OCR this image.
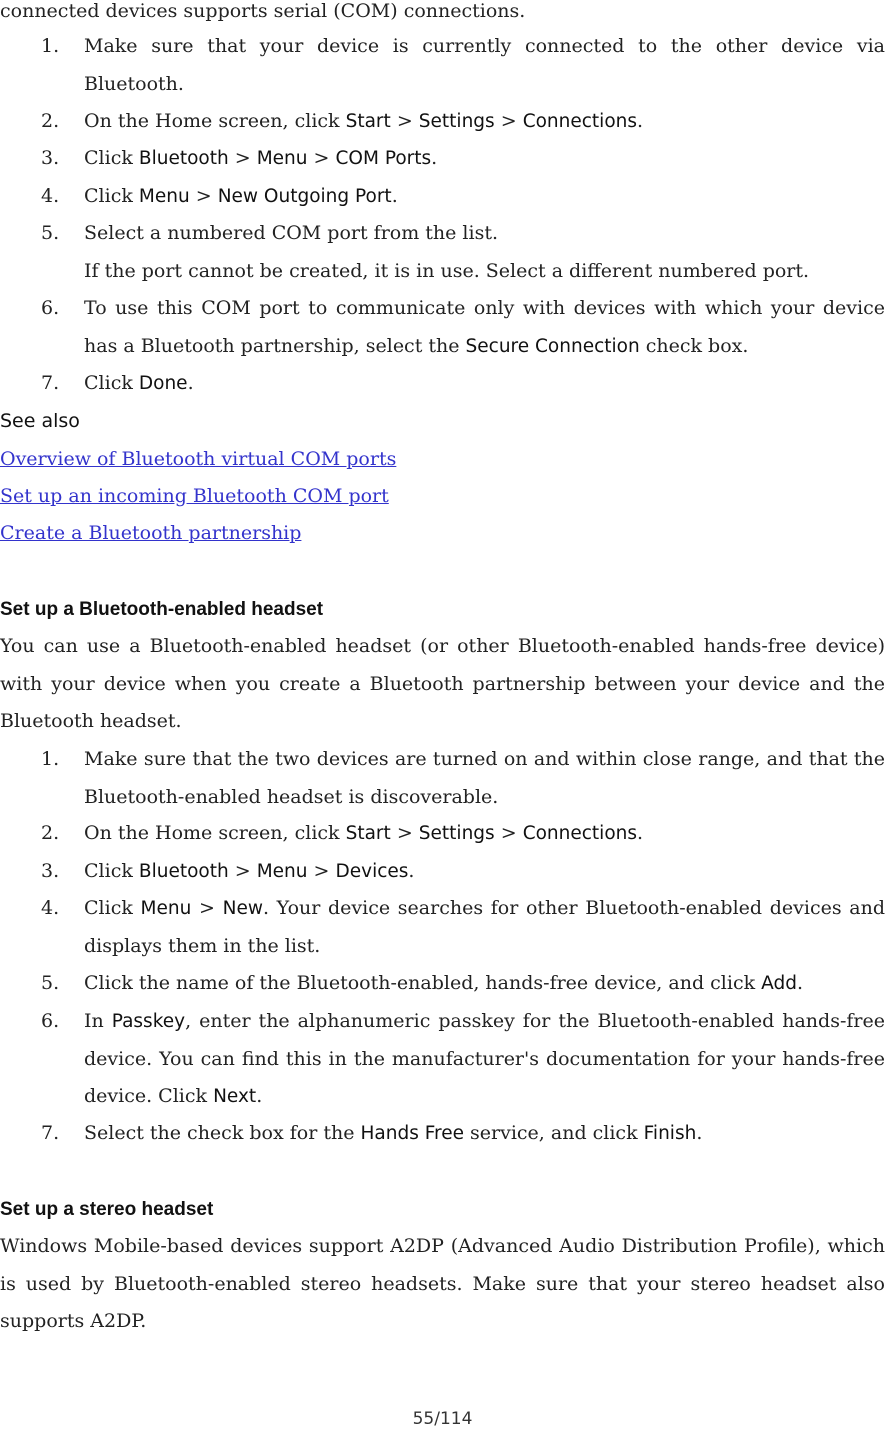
connected devices supports serial (COM) connections.
1. Make sure that your device is currently connected to the other device via Bluetooth.
2. On the Home screen, click Start > Settings > Connections.
3. Click Bluetooth > Menu > COM Ports.
4. Click Menu > New Outgoing Port.
5. Select a numbered COM port from the list.
If the port cannot be created, it is in use. Select a different numbered port.
6. To use this COM port to communicate only with devices with which your device has a Bluetooth partnership, select the Secure Connection check box.
7. Click Done.
See also
Overview of Bluetooth virtual COM ports
Set up an incoming Bluetooth COM port
Create a Bluetooth partnership
Set up a Bluetooth-enabled headset
You can use a Bluetooth-enabled headset (or other Bluetooth-enabled hands-free device) with your device when you create a Bluetooth partnership between your device and the Bluetooth headset.
1. Make sure that the two devices are turned on and within close range, and that the Bluetooth-enabled headset is discoverable.
2. On the Home screen, click Start > Settings > Connections.
3. Click Bluetooth > Menu > Devices.
4. Click Menu > New. Your device searches for other Bluetooth-enabled devices and displays them in the list.
5. Click the name of the Bluetooth-enabled, hands-free device, and click Add.
6. In Passkey, enter the alphanumeric passkey for the Bluetooth-enabled hands-free device. You can find this in the manufacturer's documentation for your hands-free device. Click Next.
7. Select the check box for the Hands Free service, and click Finish.
Set up a stereo headset
Windows Mobile-based devices support A2DP (Advanced Audio Distribution Profile), which is used by Bluetooth-enabled stereo headsets. Make sure that your stereo headset also supports A2DP.
55/114
